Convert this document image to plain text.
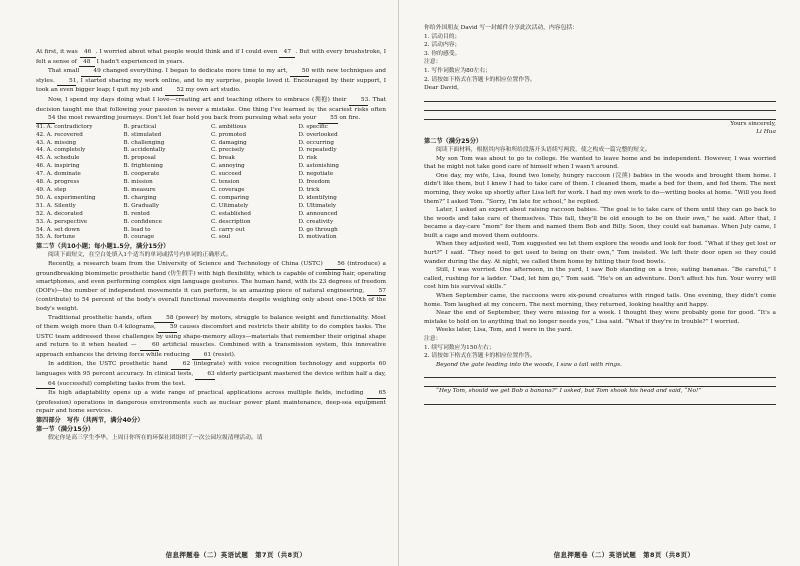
At first, it was 46 . I worried about what people would think and if I could even 47 . But with every brushstroke, I felt a sense of 48 I hadn't experienced in years.

That small 49 changed everything. I began to dedicate more time to my art, 50 with new techniques and styles. 51, I started sharing my work online, and to my surprise, people loved it. Encouraged by their support, I took an even bigger leap; I quit my job and 52 my own art studio.

Now, I spend my days doing what I love—creating art and teaching others to embrace (拥抱) their 53. That decision taught me that following your passion is never a mistake. One thing I've learned is; the scariest risks often 54 the most rewarding journeys. Don't let fear hold you back from pursuing what sets your 55 on fire.

41. A. contradictory	B. practical	C. ambitious	D. specific
42. A. recovered	B. stimulated	C. promoted	D. overlooked
43. A. missing	B. challenging	C. damaging	D. occurring
44. A. completely	B. accidentally	C. precisely	D. repeatedly
45. A. schedule	B. proposal	C. break	D. risk
46. A. inspiring	B. frightening	C. annoying	D. astonishing
47. A. dominate	B. cooperate	C. succeed	D. negotiate
48. A. progress	B. mission	C. tension	D. freedom
49. A. step	B. measure	C. coverage	D. trick
50. A. experimenting	B. charging	C. comparing	D. identifying
51. A. Silently	B. Gradually	C. Ultimately	D. Ultimately
52. A. decorated	B. rented	C. established	D. announced
53. A. perspective	B. confidence	C. description	D. creativity
54. A. set down	B. lead to	C. carry out	D. go through
55. A. fortune	B. courage	C. soul	D. motivation

第二节（共10小题；每小题1.5分，满分15分）

阅读下面短文，在空白处填入1个适当的单词或括号内单词的正确形式。

Recently, a research team from the University of Science and Technology of China (USTC) 56 (introduce) a groundbreaking biomimetic prosthetic hand (仿生假手) with high flexibility, which is capable of combing hair, operating smartphones, and even performing complex sign language gestures. The human hand, with its 23 degrees of freedom (DOFs)—the number of independent movements it can perform, is an amazing piece of natural engineering, 57 (contribute) to 54 percent of the body's overall functional movements despite weighing only about one-150th of the body's weight.

Traditional prosthetic hands, often 58 (power) by motors, struggle to balance weight and functionality. Most of them weigh more than 0.4 kilograms, 59 causes discomfort and restricts their ability to do complex tasks. The USTC team addressed these challenges by using shape-memory alloys—materials that remember their original shape and return to it when heated — 60 artificial muscles. Combined with a transmission system, this innovative approach enhances the driving force while reducing 61 (resist).

In addition, the USTC prosthetic hand 62 (integrate) with voice recognition technology and supports 60 languages with 95 percent accuracy. In clinical tests, 63 elderly participant mastered the device within half a day, 64 (successful) completing tasks from the test.

Its high adaptability opens up a wide range of practical applications across multiple fields, including 65 (profession) operations in dangerous environments such as nuclear power plant maintenance, deep-sea equipment repair and home services.

第四部分　写作（共两节，满分40分）

第一节（满分15分）

假定你是高三学生李华，上周日你所在的环保社团组织了一次公园垃圾清理活动。请

信息押题卷（二）英语试题　第7页（共8页）

你给外国朋友 David 写一封邮件分享此次活动，内容包括：

1. 活动目的；

2. 活动内容；

3. 你的感受。

注意：

1. 写作词数应为80左右；

2. 请按如下格式在答题卡的相应位置作答。

Dear David,

Yours sincerely,

Li Hua

第二节（满分25分）

阅读下面材料，根据其内容和所给段落开头语续写两段，使之构成一篇完整的短文。

My son Tom was about to go to college. He wanted to leave home and be independent. However, I was worried that he might not take good care of himself when I wasn't around.

One day, my wife, Lisa, found two lonely, hungry raccoon (浣熊) babies in the woods and brought them home. I didn't like them, but I knew I had to take care of them. I cleaned them, made a bed for them, and fed them. The next morning, they woke up shortly after Lisa left for work. I had my own work to do—writing books at home. “Will you feed them?” I asked Tom. “Sorry, I'm late for school,” he replied.

Later, I asked an expert about raising raccoon babies. “The goal is to take care of them until they can go back to the woods and take care of themselves. This fall, they'll be old enough to be on their own,” he said. After that, I became a day-care “mom” for them and named them Bob and Billy. Soon, they could eat bananas. When July came, I built a cage and moved them outdoors.

When they adjusted well, Tom suggested we let them explore the woods and look for food. “What if they get lost or hurt?” I said. “They need to get used to being on their own,” Tom insisted. We left their door open so they could wander during the day. At night, we called them home by hitting their food bowls.

Still, I was worried. One afternoon, in the yard, I saw Bob standing on a tree, eating bananas. “Be careful,” I called, rushing for a ladder. “Dad, let him go,” Tom said. “He's on an adventure. Don't affect his fun. Your worry will cost him his survival skills.”

When September came, the raccoons were six-pound creatures with ringed tails. One evening, they didn't come home. Tom laughed at my concern. The next morning, they returned, looking healthy and happy.

Near the end of September, they were missing for a week. I thought they were probably gone for good. “It's a mistake to hold on to anything that no longer needs you,” Lisa said. “What if they're in trouble?” I worried.

Weeks later, Lisa, Tom, and I were in the yard.

注意：

1. 续写词数应为150左右；

2. 请按如下格式在答题卡的相应位置作答。

Beyond the gate leading into the woods, I saw a tail with rings.

“Hey Tom, should we get Bob a banana?” I asked, but Tom shook his head and said, “No!”

信息押题卷（二）英语试题　第8页（共8页）
